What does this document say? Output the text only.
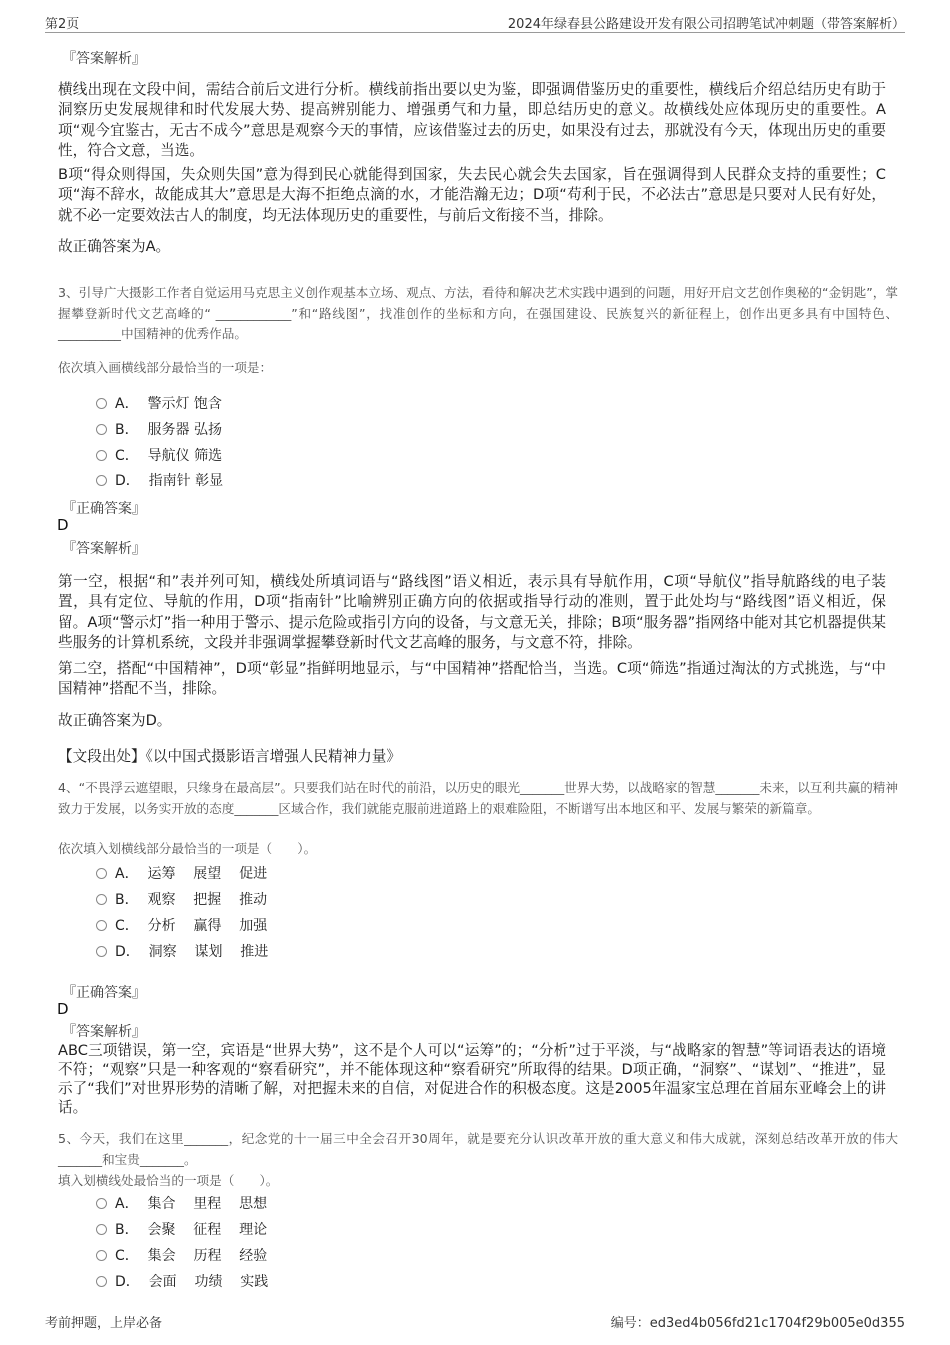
第2页	2024年绿春县公路建设开发有限公司招聘笔试冲刺题（带答案解析）
『答案解析』

横线出现在文段中间，需结合前后文进行分析。横线前指出要以史为鉴，即强调借鉴历史的重要性，横线后介绍总结历史有助于洞察历史发展规律和时代发展大势、提高辨别能力、增强勇气和力量，即总结历史的意义。故横线处应体现历史的重要性。A项“观今宜鉴古，无古不成今”意思是观察今天的事情，应该借鉴过去的历史，如果没有过去，那就没有今天，体现出历史的重要性，符合文意，当选。

B项“得众则得国，失众则失国”意为得到民心就能得到国家，失去民心就会失去国家，旨在强调得到人民群众支持的重要性；C项“海不辞水，故能成其大”意思是大海不拒绝点滴的水，才能浩瀚无边；D项“苟利于民，不必法古”意思是只要对人民有好处，就不必一定要效法古人的制度，均无法体现历史的重要性，与前后文衔接不当，排除。

故正确答案为A。

3、引导广大摄影工作者自觉运用马克思主义创作观基本立场、观点、方法，看待和解决艺术实践中遇到的问题，用好开启文艺创作奥秘的“金钥匙”，掌握攀登新时代文艺高峰的“ ____________”和“路线图”，找准创作的坐标和方向，在强国建设、民族复兴的新征程上，创作出更多具有中国特色、 __________中国精神的优秀作品。

依次填入画横线部分最恰当的一项是：

A．  警示灯 饱含
B．  服务器 弘扬
C．  导航仪 筛选
D．  指南针 彰显
『正确答案』
D
『答案解析』

第一空，根据“和”表并列可知，横线处所填词语与“路线图”语义相近，表示具有导航作用，C项“导航仪”指导航路线的电子装置，具有定位、导航的作用，D项“指南针”比喻辨别正确方向的依据或指导行动的准则，置于此处均与“路线图”语义相近，保留。A项“警示灯”指一种用于警示、提示危险或指引方向的设备，与文意无关，排除；B项“服务器”指网络中能对其它机器提供某些服务的计算机系统，文段并非强调掌握攀登新时代文艺高峰的服务，与文意不符，排除。

第二空，搭配“中国精神”，D项“彰显”指鲜明地显示，与“中国精神”搭配恰当，当选。C项“筛选”指通过淘汰的方式挑选，与“中国精神”搭配不当，排除。

故正确答案为D。

【文段出处】《以中国式摄影语言增强人民精神力量》

4、“不畏浮云遮望眼，只缘身在最高层”。只要我们站在时代的前沿，以历史的眼光_______世界大势，以战略家的智慧_______未来，以互利共赢的精神致力于发展，以务实开放的态度_______区域合作，我们就能克服前进道路上的艰难险阻，不断谱写出本地区和平、发展与繁荣的新篇章。

依次填入划横线部分最恰当的一项是（　　）。

A．  运筹    展望    促进
B．  观察    把握    推动
C．  分析    赢得    加强
D．  洞察    谋划    推进
『正确答案』
D
『答案解析』

ABC三项错误，第一空，宾语是“世界大势”，这不是个人可以“运筹”的；“分析”过于平淡，与“战略家的智慧”等词语表达的语境不符；“观察”只是一种客观的“察看研究”，并不能体现这种“察看研究”所取得的结果。D项正确，“洞察”、“谋划”、“推进”，显示了“我们”对世界形势的清晰了解，对把握未来的自信，对促进合作的积极态度。这是2005年温家宝总理在首届东亚峰会上的讲话。

5、今天，我们在这里_______，纪念党的十一届三中全会召开30周年，就是要充分认识改革开放的重大意义和伟大成就，深刻总结改革开放的伟大_______和宝贵_______。

填入划横线处最恰当的一项是（　　）。

A．  集合    里程    思想
B．  会聚    征程    理论
C．  集会    历程    经验
D．  会面    功绩    实践
考前押题，上岸必备	编号：ed3ed4b056fd21c1704f29b005e0d355
